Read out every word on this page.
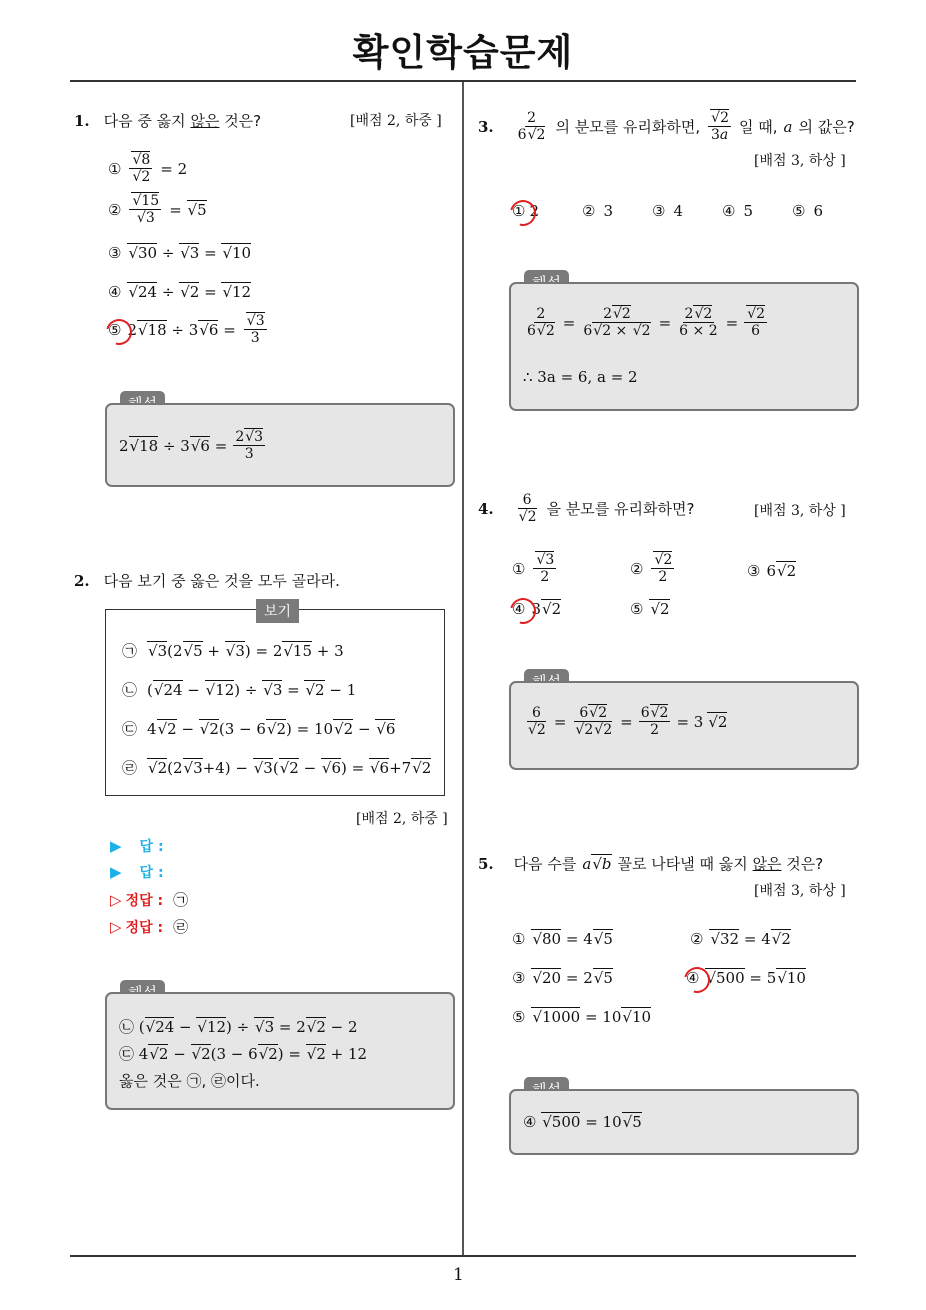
확인학습문제
1
1. 다음 중 옳지 않은 것은?	[배점 2, 하중 ]
① √ 8
√ 2 = 2
② √ 15
√ 3 = √ 5
③	√ 30 ÷ √ 3 = √ 10
④	√ 24 ÷ √ 2 = √ 12
⑤ 2 √ 18 ÷ 3 √ 6 = √ $\frac{3}{3}$
2 √ 18 ÷ 3 √ $6 = \frac{2 √ 3}{3}$
2. 다음 보기 중 옳은 것을 모두 골라라.
㉠	√ 3(2 √ 5 + √ 3) = 2 √ 15 + 3
㉡ ( √ 24 − √ 12) ÷ √ 3 = √ 2 − 1
㉢ 4 √ 2 − √ 2(3 − 6 √ 2) = 10 √ 2 − √ 6
㉣	√ 2(2 √ 3+4) − √ 3( √ 2 − √ 6) = √ 6+7 √ 2
보기
[배점 2, 하중 ]
▶ 답 :
▶ 답 :
▷ 정답 : ㉠
▷ 정답 : ㉣
㉡ ( √ 24 − √ 12) ÷ √ 3 = 2 √ 2 − 2
㉢ 4 √ 2 − √ 2(3 − 6 √ 2) = √ 2 + 12
옳은 것은 ㉠, ㉣이다.
3. $\frac{2}{6 √ 2}$ 의 분모를 유리화하면, √ $\frac{2}{3a}$ 일 때, a 의 값은?
[배점 3, 하상 ]
① 2	② 3	③ 4	④ 5	⑤ 6
$\frac{2}{6 √ 2} = \frac{2 √ 2}{6 √ 2 \times √ 2} = \frac{2 √ 2}{6 \times 2}$ = √ $\frac{2}{6}$
∴ 3a = 6, a = 2
4. 6
√ 2 을 분모를 유리화하면?	[배점 3, 하상 ]
① √ $\frac{3}{2}$	② √ $\frac{2}{2}$	③ 6 √ 2
④ 3 √ 2	⑤	√ 2
6
√ 2 = 6 √ 2
√ 2 √ $2 = \frac{6 √ 2}{2} = 3$ √ 2
5. 다음 수를 a √ b 꼴로 나타낼 때 옳지 않은 것은?
[배점 3, 하상 ]
①	√ 80 = 4 √ 5	②	√ 32 = 4 √ 2
③	√ 20 = 2 √ 5	④	√ 500 = 5 √ 10
⑤	√ 1000 = 10 √ 10
④ √ 500 = 10 √ 5
